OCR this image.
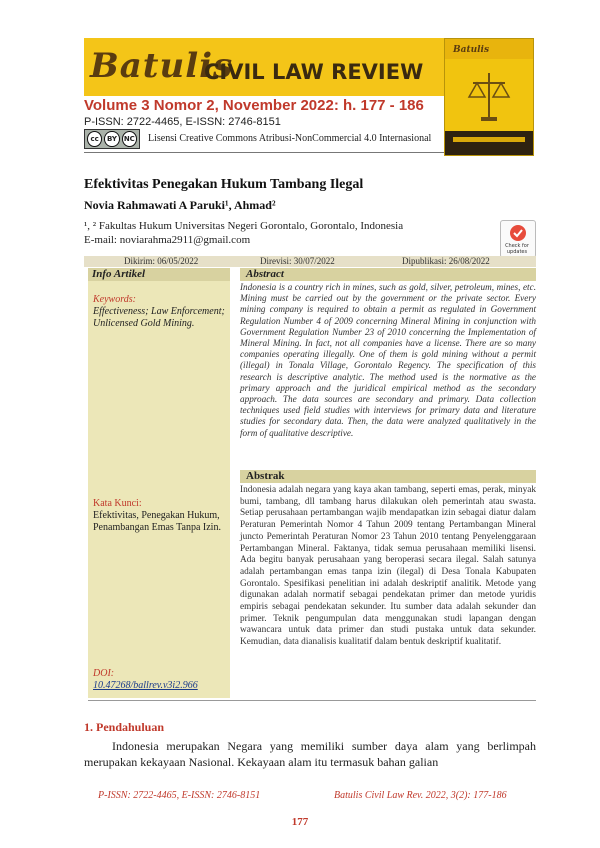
Batulis
CIVIL LAW REVIEW
Volume 3 Nomor 2, November 2022: h. 177 - 186
P-ISSN: 2722-4465, E-ISSN: 2746-8151
cc	BY NC Lisensi Creative Commons Atribusi-NonCommercial 4.0 Internasional
Batulis
Efektivitas Penegakan Hukum Tambang Ilegal
Novia Rahmawati A Paruki¹, Ahmad²
¹, ² Fakultas Hukum Universitas Negeri Gorontalo, Gorontalo, Indonesia
E-mail: noviarahma2911@gmail.com	Check for updates
Dikirim: 06/05/2022	Direvisi: 30/07/2022	Dipublikasi: 26/08/2022
Info Artikel
Keywords:
Effectiveness; Law Enforcement; Unlicensed Gold Mining.
Kata Kunci:
Efektivitas, Penegakan Hukum, Penambangan Emas Tanpa Izin.
DOI:
10.47268/ballrev.v3i2.966
Abstract
Indonesia is a country rich in mines, such as gold, silver, petroleum, mines, etc. Mining must be carried out by the government or the private sector. Every mining company is required to obtain a permit as regulated in Government Regulation Number 4 of 2009 concerning Mineral Mining in conjunction with Government Regulation Number 23 of 2010 concerning the Implementation of Mineral Mining. In fact, not all companies have a license. There are so many companies operating illegally. One of them is gold mining without a permit (illegal) in Tonala Village, Gorontalo Regency. The specification of this research is descriptive analytic. The method used is the normative as the primary approach and the juridical empirical method as the secondary approach. The data sources are secondary and primary. Data collection techniques used field studies with interviews for primary data and literature studies for secondary data. Then, the data were analyzed qualitatively in the form of qualitative descriptive.
Abstrak
Indonesia adalah negara yang kaya akan tambang, seperti emas, perak, minyak bumi, tambang, dll tambang harus dilakukan oleh pemerintah atau swasta. Setiap perusahaan pertambangan wajib mendapatkan izin sebagai diatur dalam Peraturan Pemerintah Nomor 4 Tahun 2009 tentang Pertambangan Mineral juncto Pemerintah Peraturan Nomor 23 Tahun 2010 tentang Penyelenggaraan Pertambangan Mineral. Faktanya, tidak semua perusahaan memiliki lisensi. Ada begitu banyak perusahaan yang beroperasi secara ilegal. Salah satunya adalah pertambangan emas tanpa izin (ilegal) di Desa Tonala Kabupaten Gorontalo. Spesifikasi penelitian ini adalah deskriptif analitik. Metode yang digunakan adalah normatif sebagai pendekatan primer dan metode yuridis empiris sebagai pendekatan sekunder. Itu sumber data adalah sekunder dan primer. Teknik pengumpulan data menggunakan studi lapangan dengan wawancara untuk data primer dan studi pustaka untuk data sekunder. Kemudian, data dianalisis kualitatif dalam bentuk deskriptif kualitatif.
1. Pendahuluan
Indonesia merupakan Negara yang memiliki sumber daya alam yang berlimpah merupakan kekayaan Nasional. Kekayaan alam itu termasuk bahan galian
P-ISSN: 2722-4465, E-ISSN: 2746-8151	Batulis Civil Law Rev. 2022, 3(2): 177-186
177
